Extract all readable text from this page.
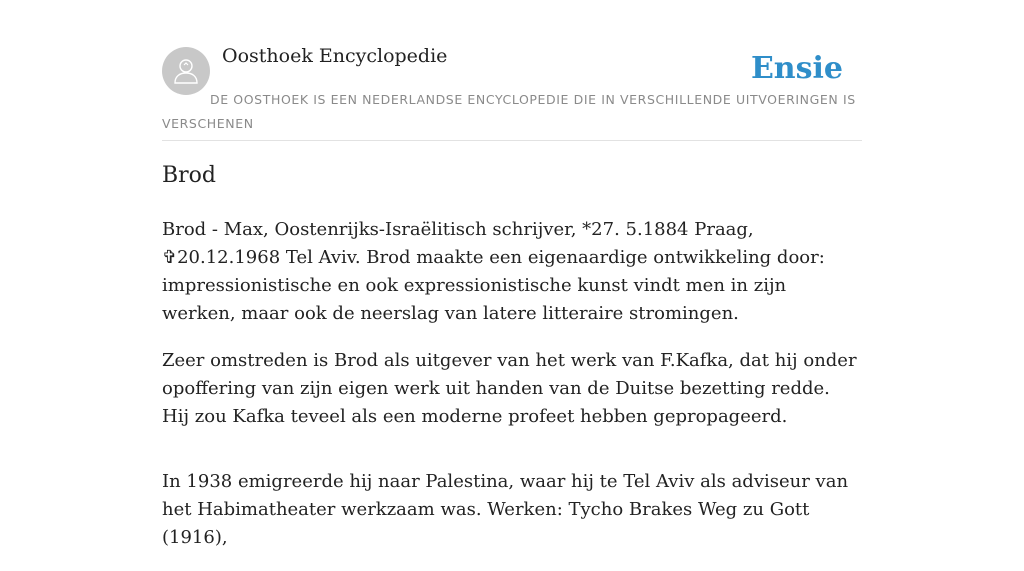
Oosthoek Encyclopedie	Ensie
DE OOSTHOEK IS EEN NEDERLANDSE ENCYCLOPEDIE DIE IN VERSCHILLENDE UITVOERINGEN IS VERSCHENEN
Brod

Brod - Max, Oostenrijks-Israëlitisch schrijver, *27. 5.1884 Praag, ✞20.12.1968 Tel Aviv. Brod maakte een eigenaardige ontwikkeling door: impressionistische en ook expressionistische kunst vindt men in zijn werken, maar ook de neerslag van latere litteraire stromingen.

Zeer omstreden is Brod als uitgever van het werk van F.Kafka, dat hij onder opoffering van zijn eigen werk uit handen van de Duitse bezetting redde. Hij zou Kafka teveel als een moderne profeet hebben gepropageerd.

In 1938 emigreerde hij naar Palestina, waar hij te Tel Aviv als adviseur van het Habimatheater werkzaam was. Werken: Tycho Brakes Weg zu Gott (1916),
